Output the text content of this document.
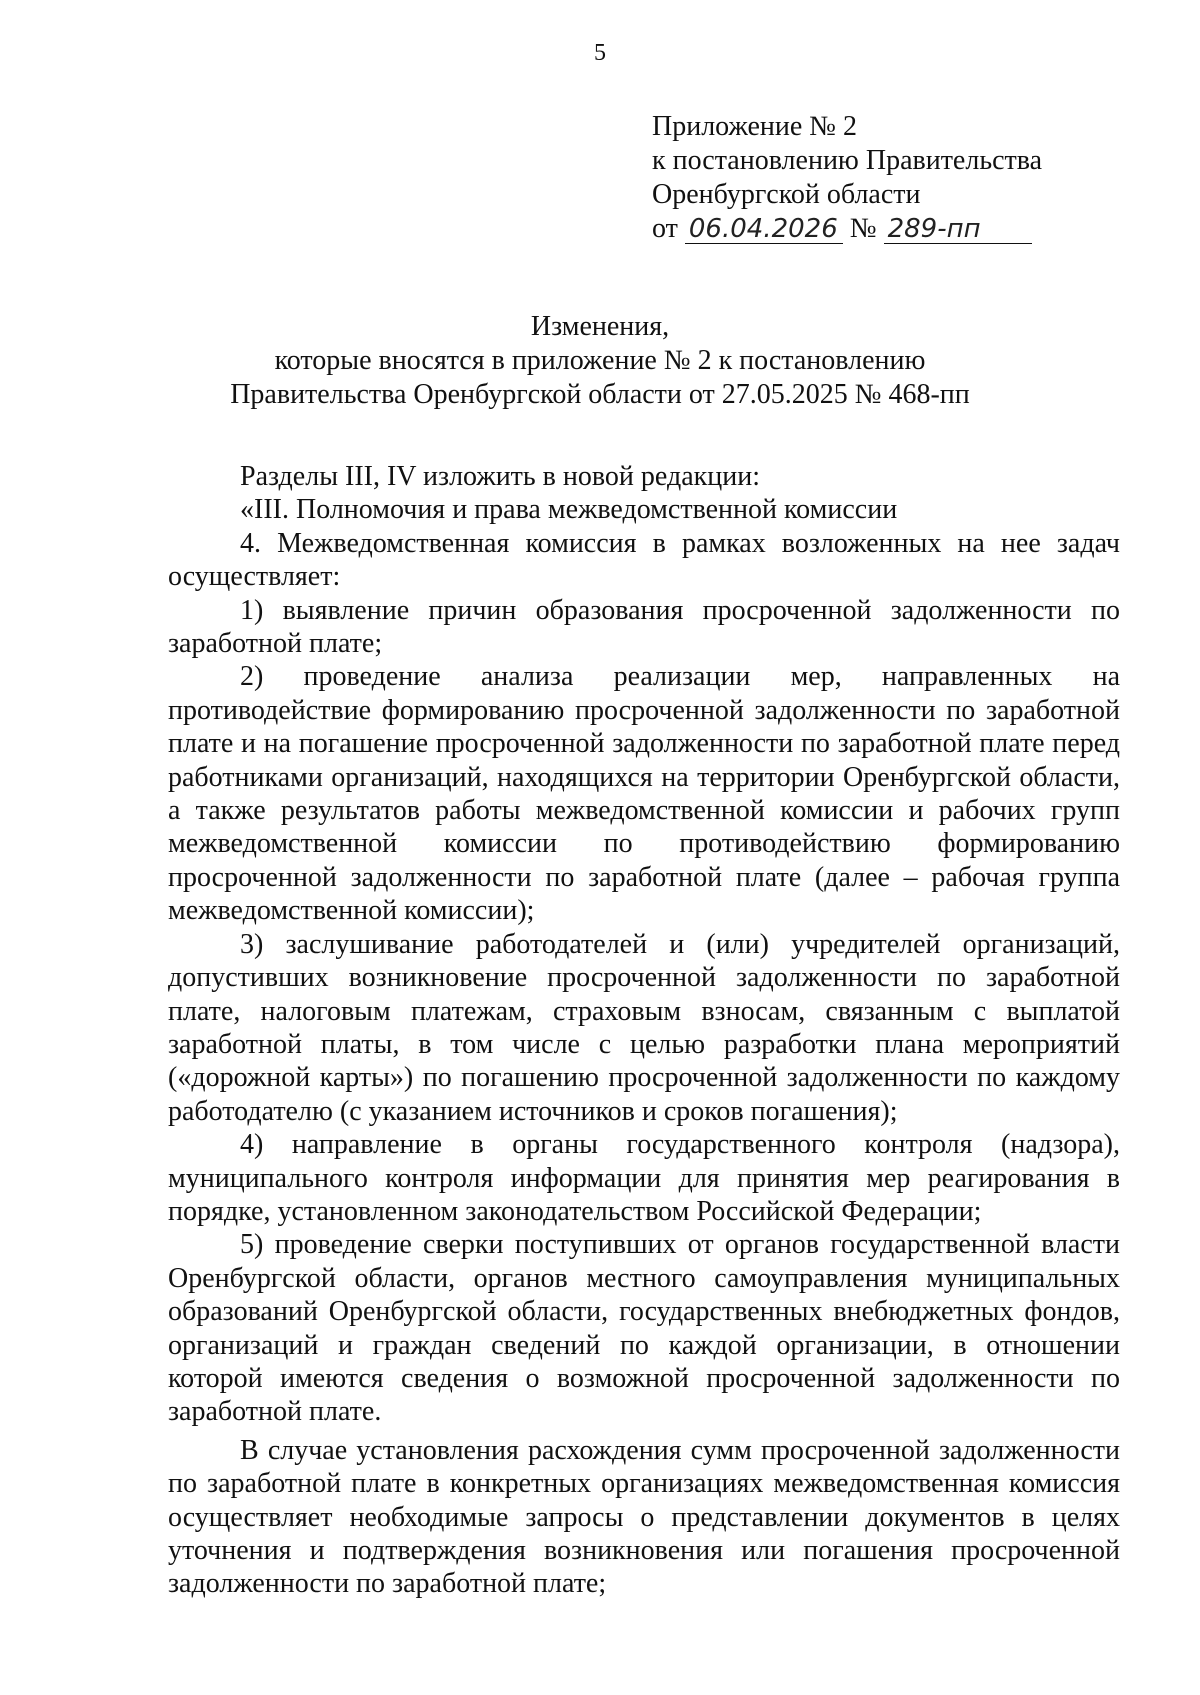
5
Приложение № 2
к постановлению Правительства
Оренбургской области
от 06.04.2026 № 289-пп
Изменения,
которые вносятся в приложение № 2 к постановлению
Правительства Оренбургской области от 27.05.2025 № 468-пп

Разделы III, IV изложить в новой редакции:

«III. Полномочия и права межведомственной комиссии

4. Межведомственная комиссия в рамках возложенных на нее задач осуществляет:

1) выявление причин образования просроченной задолженности по заработной плате;

2) проведение анализа реализации мер, направленных на противодействие формированию просроченной задолженности по заработной плате и на погашение просроченной задолженности по заработной плате перед работниками организаций, находящихся на территории Оренбургской области, а также результатов работы межведомственной комиссии и рабочих групп межведомственной комиссии по противодействию формированию просроченной задолженности по заработной плате (далее – рабочая группа межведомственной комиссии);

3) заслушивание работодателей и (или) учредителей организаций, допустивших возникновение просроченной задолженности по заработной плате, налоговым платежам, страховым взносам, связанным с выплатой заработной платы, в том числе с целью разработки плана мероприятий («дорожной карты») по погашению просроченной задолженности по каждому работодателю (с указанием источников и сроков погашения);

4) направление в органы государственного контроля (надзора), муниципального контроля информации для принятия мер реагирования в порядке, установленном законодательством Российской Федерации;

5) проведение сверки поступивших от органов государственной власти Оренбургской области, органов местного самоуправления муниципальных образований Оренбургской области, государственных внебюджетных фондов, организаций и граждан сведений по каждой организации, в отношении которой имеются сведения о возможной просроченной задолженности по заработной плате.

В случае установления расхождения сумм просроченной задолженности по заработной плате в конкретных организациях межведомственная комиссия осуществляет необходимые запросы о представлении документов в целях уточнения и подтверждения возникновения или погашения просроченной задолженности по заработной плате;
